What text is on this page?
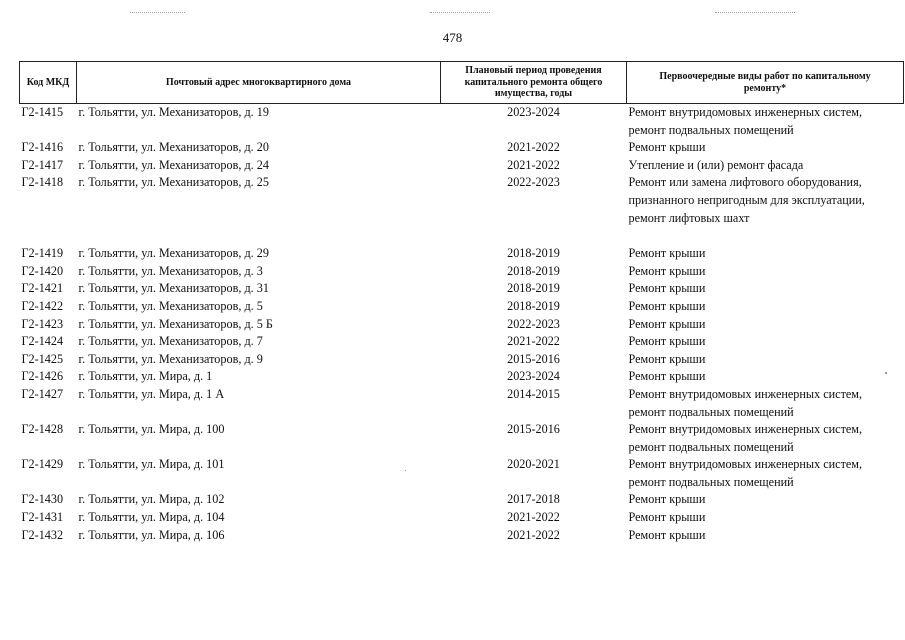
478
Код МКД	Почтовый адрес многоквартирного дома	Плановый период проведения капитального ремонта общего имущества, годы	Первоочередные виды работ по капитальному ремонту*
Г2-1415	г. Тольятти, ул. Механизаторов, д. 19	2023-2024	Ремонт внутридомовых инженерных систем, ремонт подвальных помещений
Г2-1416	г. Тольятти, ул. Механизаторов, д. 20	2021-2022	Ремонт крыши
Г2-1417	г. Тольятти, ул. Механизаторов, д. 24	2021-2022	Утепление и (или) ремонт фасада
Г2-1418	г. Тольятти, ул. Механизаторов, д. 25	2022-2023	Ремонт или замена лифтового оборудования, признанного непригодным для эксплуатации, ремонт лифтовых шахт

Г2-1419	г. Тольятти, ул. Механизаторов, д. 29	2018-2019	Ремонт крыши
Г2-1420	г. Тольятти, ул. Механизаторов, д. 3	2018-2019	Ремонт крыши
Г2-1421	г. Тольятти, ул. Механизаторов, д. 31	2018-2019	Ремонт крыши
Г2-1422	г. Тольятти, ул. Механизаторов, д. 5	2018-2019	Ремонт крыши
Г2-1423	г. Тольятти, ул. Механизаторов, д. 5 Б	2022-2023	Ремонт крыши
Г2-1424	г. Тольятти, ул. Механизаторов, д. 7	2021-2022	Ремонт крыши
Г2-1425	г. Тольятти, ул. Механизаторов, д. 9	2015-2016	Ремонт крыши
Г2-1426	г. Тольятти, ул. Мира, д. 1	2023-2024	Ремонт крыши
Г2-1427	г. Тольятти, ул. Мира, д. 1 А	2014-2015	Ремонт внутридомовых инженерных систем, ремонт подвальных помещений
Г2-1428	г. Тольятти, ул. Мира, д. 100	2015-2016	Ремонт внутридомовых инженерных систем, ремонт подвальных помещений
Г2-1429	г. Тольятти, ул. Мира, д. 101	2020-2021	Ремонт внутридомовых инженерных систем, ремонт подвальных помещений
Г2-1430	г. Тольятти, ул. Мира, д. 102	2017-2018	Ремонт крыши
Г2-1431	г. Тольятти, ул. Мира, д. 104	2021-2022	Ремонт крыши
Г2-1432	г. Тольятти, ул. Мира, д. 106	2021-2022	Ремонт крыши
